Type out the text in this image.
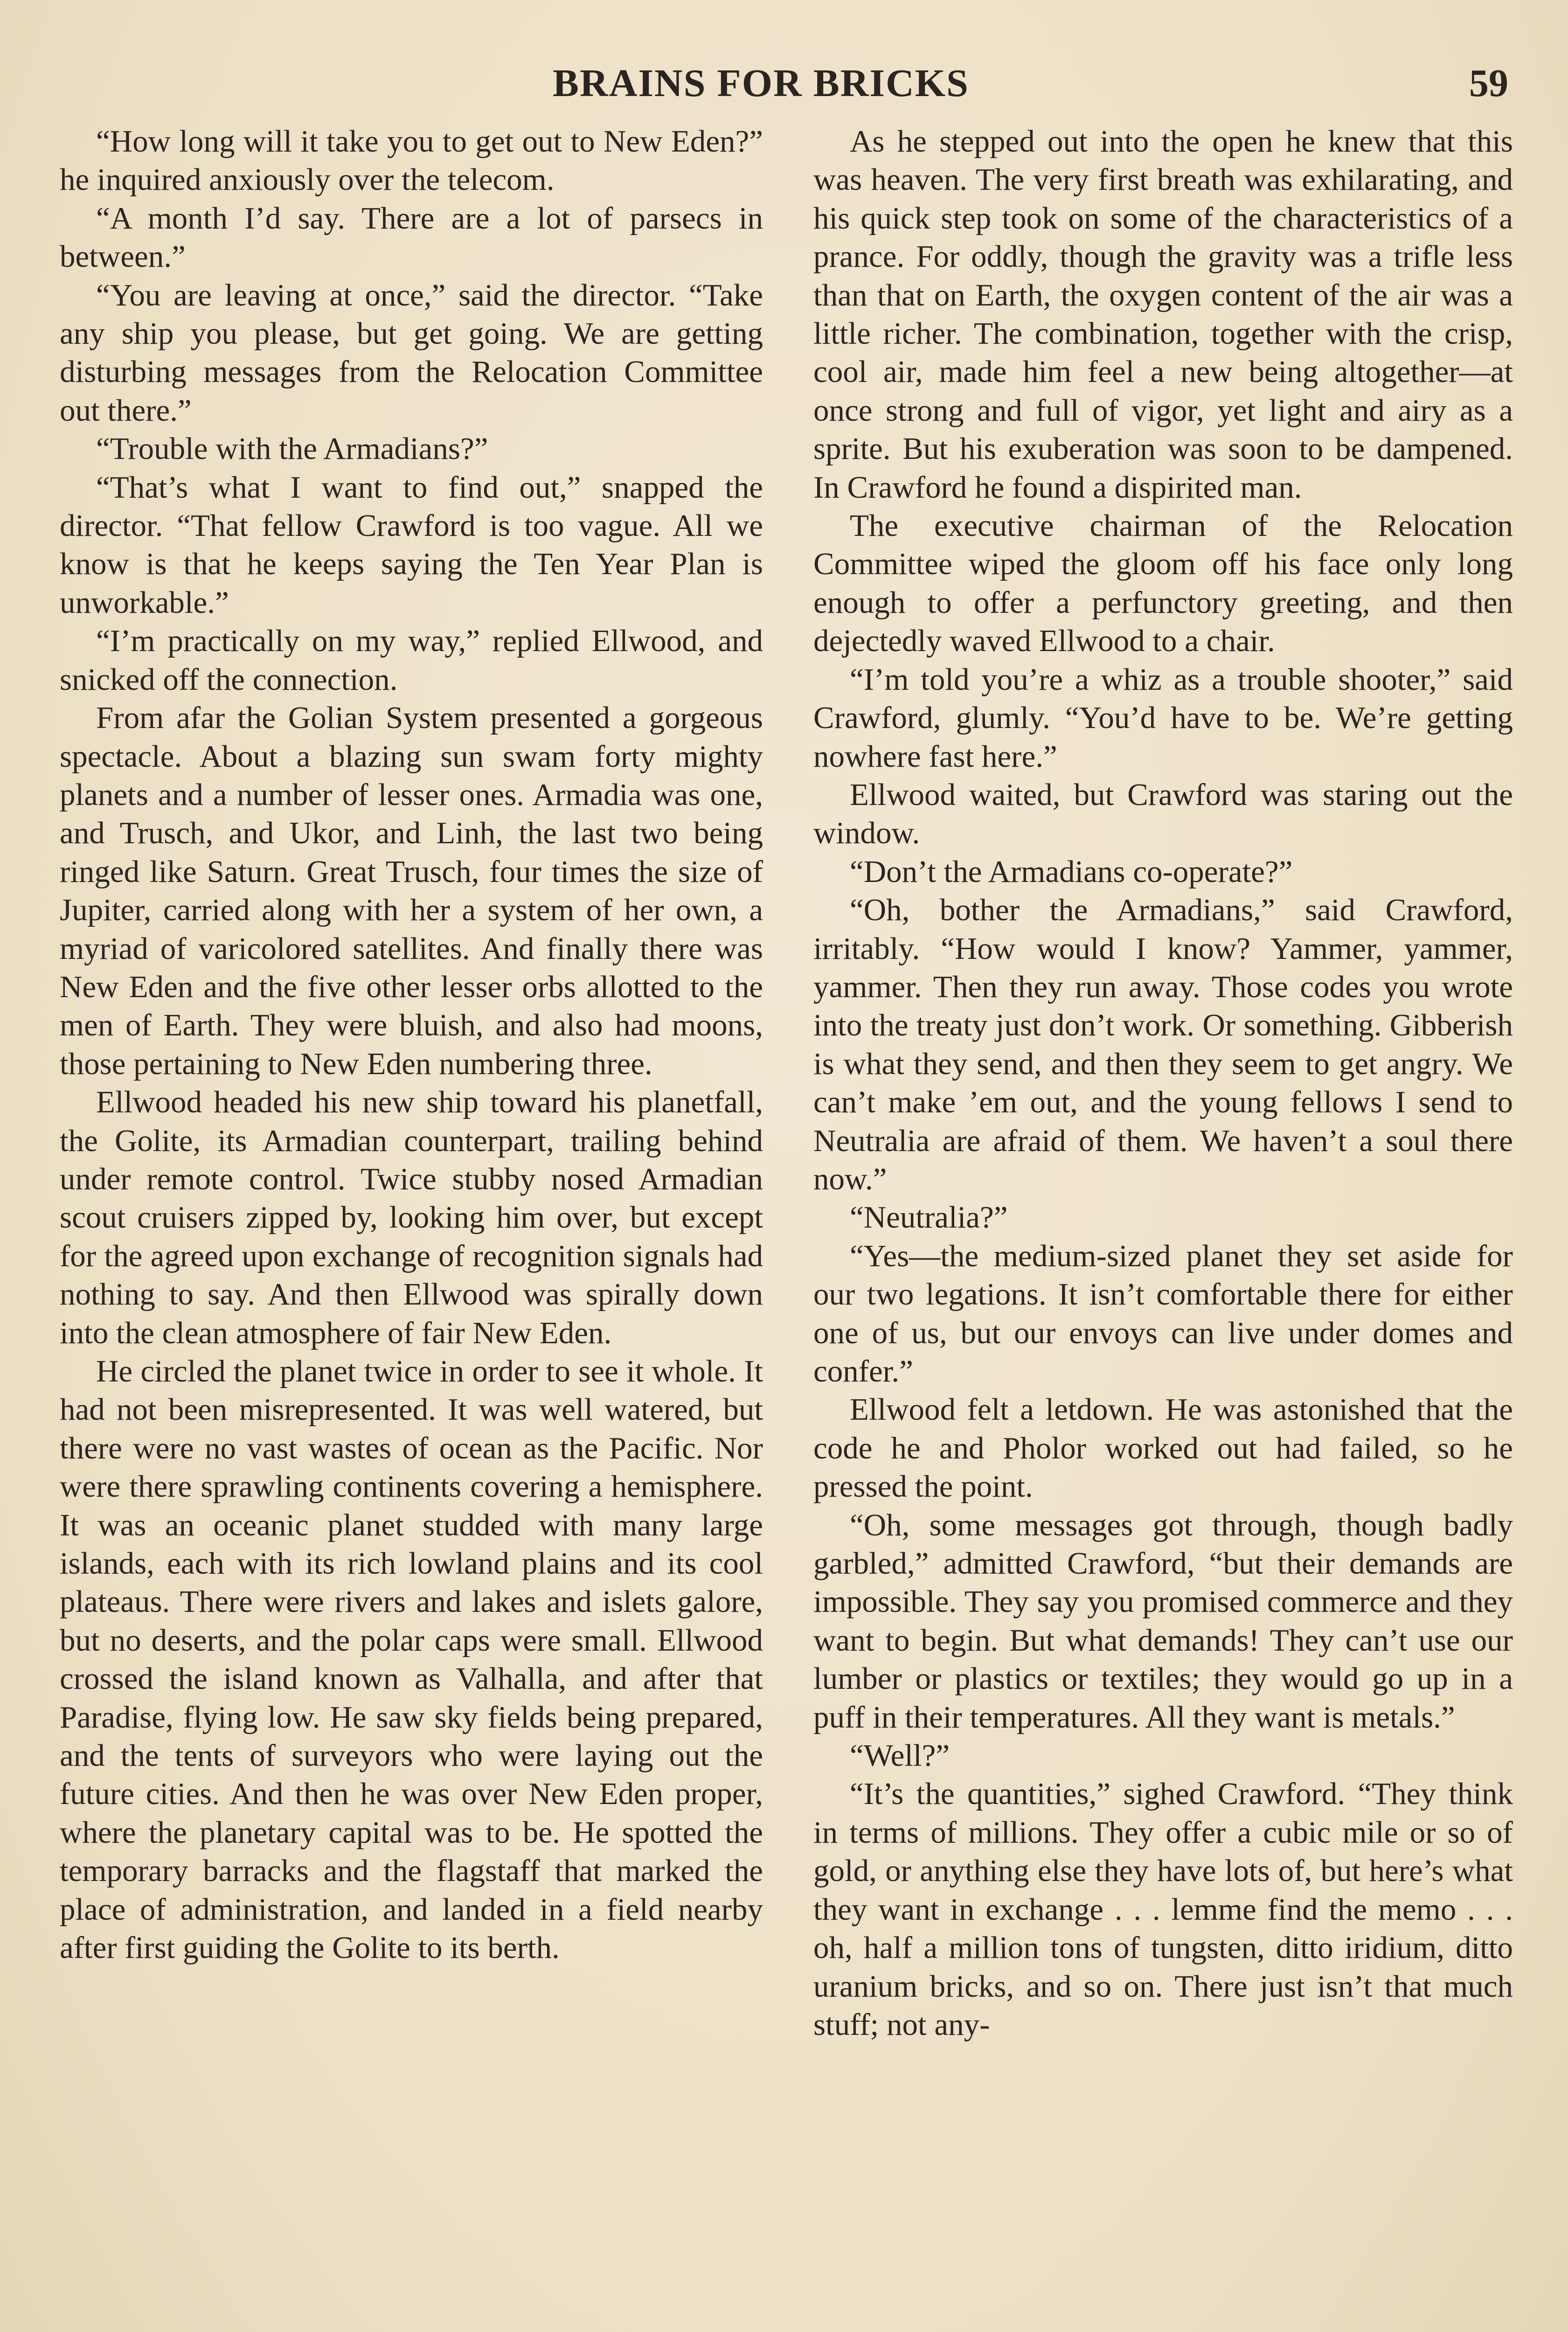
BRAINS FOR BRICKS	59

“How long will it take you to get out to New Eden?” he inquired anxiously over the telecom.

“A month I’d say. There are a lot of parsecs in between.”

“You are leaving at once,” said the director. “Take any ship you please, but get going. We are getting disturbing messages from the Relocation Committee out there.”

“Trouble with the Armadians?”

“That’s what I want to find out,” snapped the director. “That fellow Crawford is too vague. All we know is that he keeps saying the Ten Year Plan is unworkable.”

“I’m practically on my way,” replied Ellwood, and snicked off the connection.

From afar the Golian System presented a gorgeous spectacle. About a blazing sun swam forty mighty planets and a number of lesser ones. Armadia was one, and Trusch, and Ukor, and Linh, the last two being ringed like Saturn. Great Trusch, four times the size of Jupiter, carried along with her a system of her own, a myriad of varicolored satellites. And finally there was New Eden and the five other lesser orbs allotted to the men of Earth. They were bluish, and also had moons, those pertaining to New Eden numbering three.

Ellwood headed his new ship toward his planetfall, the Golite, its Armadian counterpart, trailing behind under remote control. Twice stubby nosed Armadian scout cruisers zipped by, looking him over, but except for the agreed upon exchange of recognition signals had nothing to say. And then Ellwood was spirally down into the clean atmosphere of fair New Eden.

He circled the planet twice in order to see it whole. It had not been misrepresented. It was well watered, but there were no vast wastes of ocean as the Pacific. Nor were there sprawling continents covering a hemisphere. It was an oceanic planet studded with many large islands, each with its rich lowland plains and its cool plateaus. There were rivers and lakes and islets galore, but no deserts, and the polar caps were small. Ellwood crossed the island known as Valhalla, and after that Paradise, flying low. He saw sky fields being prepared, and the tents of surveyors who were laying out the future cities. And then he was over New Eden proper, where the planetary capital was to be. He spotted the temporary barracks and the flagstaff that marked the place of administration, and landed in a field nearby after first guiding the Golite to its berth.

As he stepped out into the open he knew that this was heaven. The very first breath was exhilarating, and his quick step took on some of the characteristics of a prance. For oddly, though the gravity was a trifle less than that on Earth, the oxygen content of the air was a little richer. The combination, together with the crisp, cool air, made him feel a new being altogether—at once strong and full of vigor, yet light and airy as a sprite. But his exuberation was soon to be dampened. In Crawford he found a dispirited man.

The executive chairman of the Relocation Committee wiped the gloom off his face only long enough to offer a perfunctory greeting, and then dejectedly waved Ellwood to a chair.

“I’m told you’re a whiz as a trouble shooter,” said Crawford, glumly. “You’d have to be. We’re getting nowhere fast here.”

Ellwood waited, but Crawford was staring out the window.

“Don’t the Armadians co-operate?”

“Oh, bother the Armadians,” said Crawford, irritably. “How would I know? Yammer, yammer, yammer. Then they run away. Those codes you wrote into the treaty just don’t work. Or something. Gibberish is what they send, and then they seem to get angry. We can’t make ’em out, and the young fellows I send to Neutralia are afraid of them. We haven’t a soul there now.”

“Neutralia?”

“Yes—the medium-sized planet they set aside for our two legations. It isn’t comfortable there for either one of us, but our envoys can live under domes and confer.”

Ellwood felt a letdown. He was astonished that the code he and Pholor worked out had failed, so he pressed the point.

“Oh, some messages got through, though badly garbled,” admitted Crawford, “but their demands are impossible. They say you promised commerce and they want to begin. But what demands! They can’t use our lumber or plastics or textiles; they would go up in a puff in their temperatures. All they want is metals.”

“Well?”

“It’s the quantities,” sighed Crawford. “They think in terms of millions. They offer a cubic mile or so of gold, or anything else they have lots of, but here’s what they want in exchange . . . lemme find the memo . . . oh, half a million tons of tungsten, ditto iridium, ditto uranium bricks, and so on. There just isn’t that much stuff; not any-
